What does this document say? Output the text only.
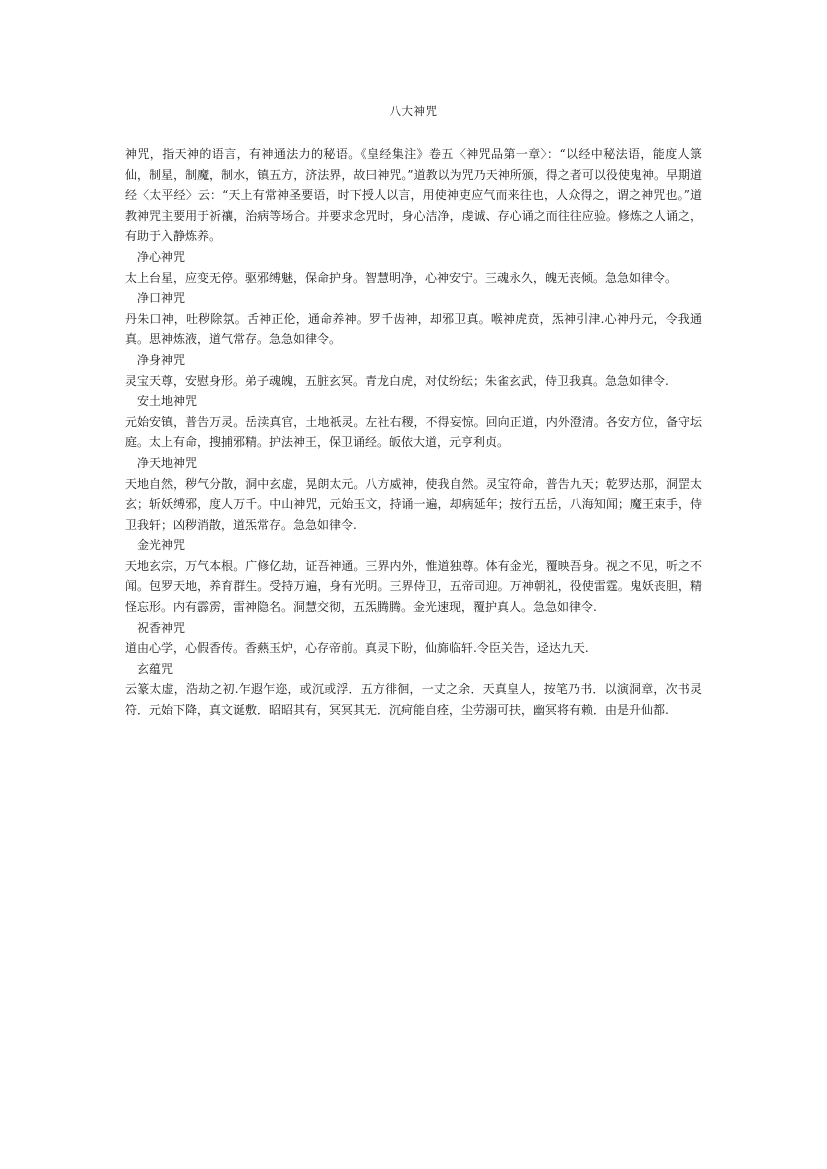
八大神咒

神咒，指天神的语言，有神通法力的秘语。《皇经集注》卷五〈神咒品第一章〉：“以经中秘法语，能度人箓仙，制星，制魔，制水，镇五方，济法界，故曰神咒。”道教以为咒乃天神所颁，得之者可以役使鬼神。早期道经〈太平经〉云：“天上有常神圣要语，时下授人以言，用使神吏应气而来往也，人众得之，谓之神咒也。”道教神咒主要用于祈禳，治病等场合。并要求念咒时，身心洁净，虔诚、存心诵之而往往应验。修炼之人诵之，有助于入静炼养。

净心神咒

太上台星，应变无停。驱邪缚魅，保命护身。智慧明净，心神安宁。三魂永久，魄无丧倾。急急如律令。

净口神咒

丹朱口神，吐秽除氛。舌神正伦，通命养神。罗千齿神，却邪卫真。喉神虎贲，炁神引津.心神丹元，令我通真。思神炼液，道气常存。急急如律令。

净身神咒

灵宝天尊，安慰身形。弟子魂魄，五脏玄冥。青龙白虎，对仗纷纭；朱雀玄武，侍卫我真。急急如律令.

安土地神咒

元始安镇，普告万灵。岳渎真官，土地祇灵。左社右稷，不得妄惊。回向正道，内外澄清。各安方位，备守坛庭。太上有命，搜捕邪精。护法神王，保卫诵经。皈依大道，元亨利贞。

净天地神咒

天地自然，秽气分散，洞中玄虚，晃朗太元。八方威神，使我自然。灵宝符命，普告九天；乾罗达那，洞罡太玄；斩妖缚邪，度人万千。中山神咒，元始玉文，持诵一遍，却病延年；按行五岳，八海知闻；魔王束手，侍卫我轩；凶秽消散，道炁常存。急急如律令.

金光神咒

天地玄宗，万气本根。广修亿劫，证吾神通。三界内外，惟道独尊。体有金光，覆映吾身。视之不见，听之不闻。包罗天地，养育群生。受持万遍，身有光明。三界侍卫，五帝司迎。万神朝礼，役使雷霆。鬼妖丧胆，精怪忘形。内有霹雳，雷神隐名。洞慧交彻，五炁腾腾。金光速现，覆护真人。急急如律令.

祝香神咒

道由心学，心假香传。香爇玉炉，心存帝前。真灵下盼，仙旆临轩.令臣关告，迳达九天.

玄蕴咒

云篆太虚，浩劫之初.乍遐乍迩，或沉或浮．五方徘徊，一丈之余．天真皇人，按笔乃书．以演洞章，次书灵符．元始下降，真文诞敷．昭昭其有，冥冥其无．沉疴能自痊，尘劳溺可扶，幽冥将有赖．由是升仙都.
